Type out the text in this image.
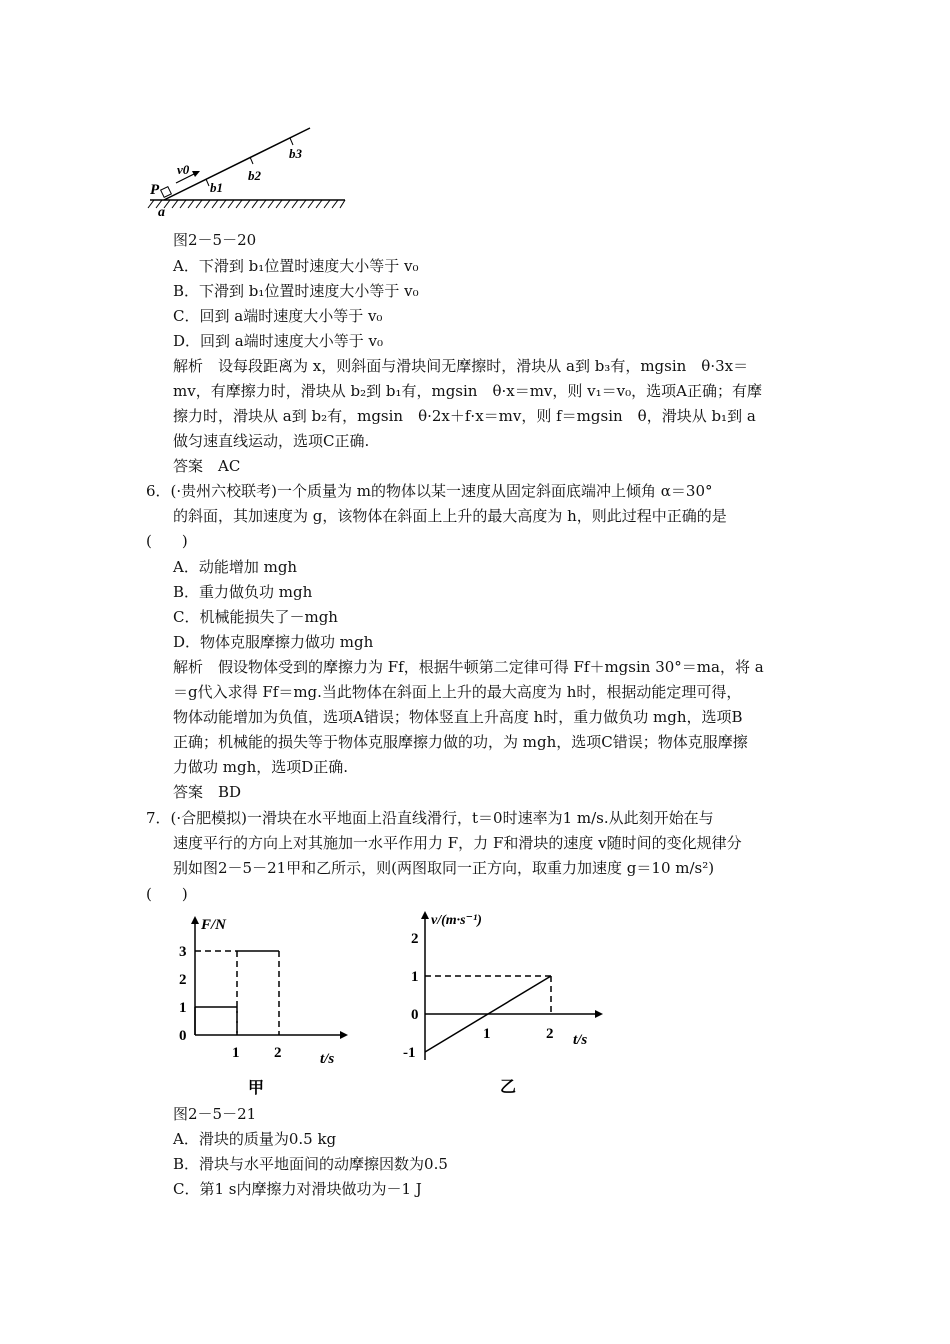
P
v0
a
b1
b2
b3
图2－5－20
A．下滑到 b₁位置时速度大小等于 v₀
B．下滑到 b₁位置时速度大小等于 v₀
C．回到 a端时速度大小等于 v₀
D．回到 a端时速度大小等于 v₀
解析　设每段距离为 x，则斜面与滑块间无摩擦时，滑块从 a到 b₃有，mgsin　θ·3x＝
mv，有摩擦力时，滑块从 b₂到 b₁有，mgsin　θ·x＝mv，则 v₁＝v₀，选项A正确；有摩
擦力时，滑块从 a到 b₂有，mgsin　θ·2x＋f·x＝mv，则 f＝mgsin　θ，滑块从 b₁到 a
做匀速直线运动，选项C正确.
答案　AC
6．(·贵州六校联考)一个质量为 m的物体以某一速度从固定斜面底端冲上倾角 α＝30°
的斜面，其加速度为 g，该物体在斜面上上升的最大高度为 h，则此过程中正确的是
(　　)
A．动能增加 mgh
B．重力做负功 mgh
C．机械能损失了－mgh
D．物体克服摩擦力做功 mgh
解析　假设物体受到的摩擦力为 Ff，根据牛顿第二定律可得 Ff＋mgsin 30°＝ma，将 a
＝g代入求得 Ff＝mg.当此物体在斜面上上升的最大高度为 h时，根据动能定理可得，
物体动能增加为负值，选项A错误；物体竖直上升高度 h时，重力做负功 mgh，选项B
正确；机械能的损失等于物体克服摩擦力做的功，为 mgh，选项C错误；物体克服摩擦
力做功 mgh，选项D正确.
答案　BD
7．(·合肥模拟)一滑块在水平地面上沿直线滑行，t＝0时速率为1 m/s.从此刻开始在与
速度平行的方向上对其施加一水平作用力 F，力 F和滑块的速度 v随时间的变化规律分
别如图2－5－21甲和乙所示，则(两图取同一正方向，取重力加速度 g＝10 m/s²)
(　　)
F/N
t/s
0
1
2
3
1 2
甲
v/(m·s⁻¹)
t/s
-1
0
1
2
1	2
乙
图2－5－21
A．滑块的质量为0.5 kg
B．滑块与水平地面间的动摩擦因数为0.5
C．第1 s内摩擦力对滑块做功为－1 J
